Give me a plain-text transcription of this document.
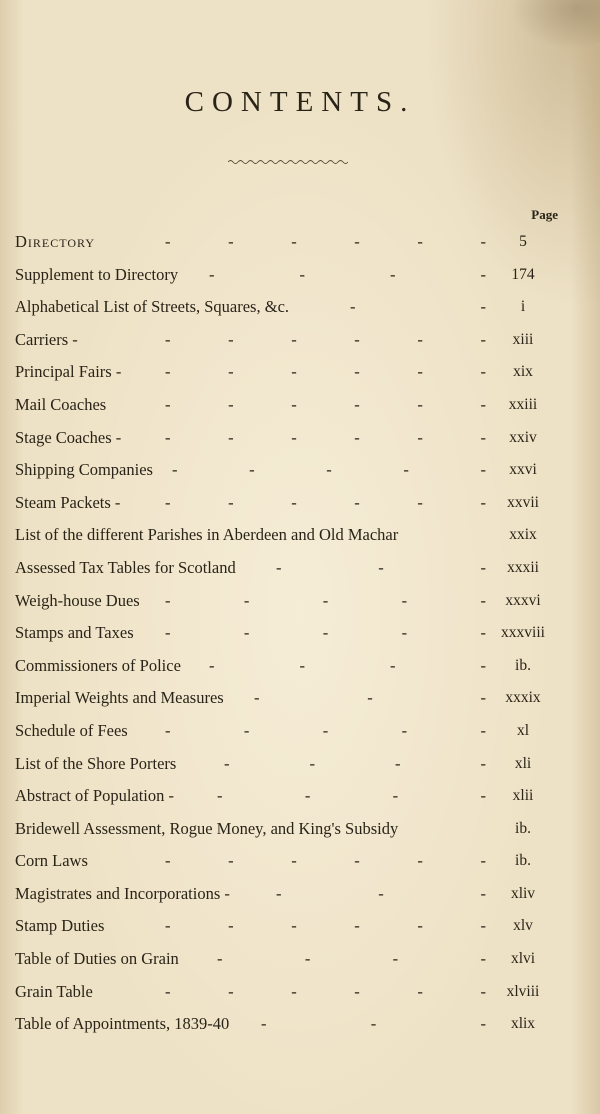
CONTENTS.
Page
Directory	-	-	-	-	-	-	5
Supplement to Directory -	-	-	-	174
Alphabetical List of Streets, Squares, &c.	-	-	i
Carriers -	-	-	-	-	-	-	xiii
Principal Fairs -	-	-	-	-	-	-	xix
Mail Coaches	-	-	-	-	-	-	xxiii
Stage Coaches -	-	-	-	-	-	-	xxiv
Shipping Companies -	-	-	-	-	xxvi
Steam Packets -	-	-	-	-	-	-	xxvii
List of the different Parishes in Aberdeen and Old Machar	xxix
Assessed Tax Tables for Scotland -	-	-	xxxii
Weigh-house Dues -	-	-	-	-	xxxvi
Stamps and Taxes -	-	-	-	- xxxviii
Commissioners of Police -	-	-	-	ib.
Imperial Weights and Measures -	-	-	xxxix
Schedule of Fees -	-	-	-	-	xl
List of the Shore Porters	-	-	-	-	xli
Abstract of Population -	-	-	-	-	xlii
Bridewell Assessment, Rogue Money, and King's Subsidy	ib.
Corn Laws	-	-	-	-	-	-	ib.
Magistrates and Incorporations -	-	-	-	xliv
Stamp Duties	-	-	-	-	-	-	xlv
Table of Duties on Grain -	-	-	-	xlvi
Grain Table	-	-	-	-	-	-	xlviii
Table of Appointments, 1839-40 -	-	-	xlix
